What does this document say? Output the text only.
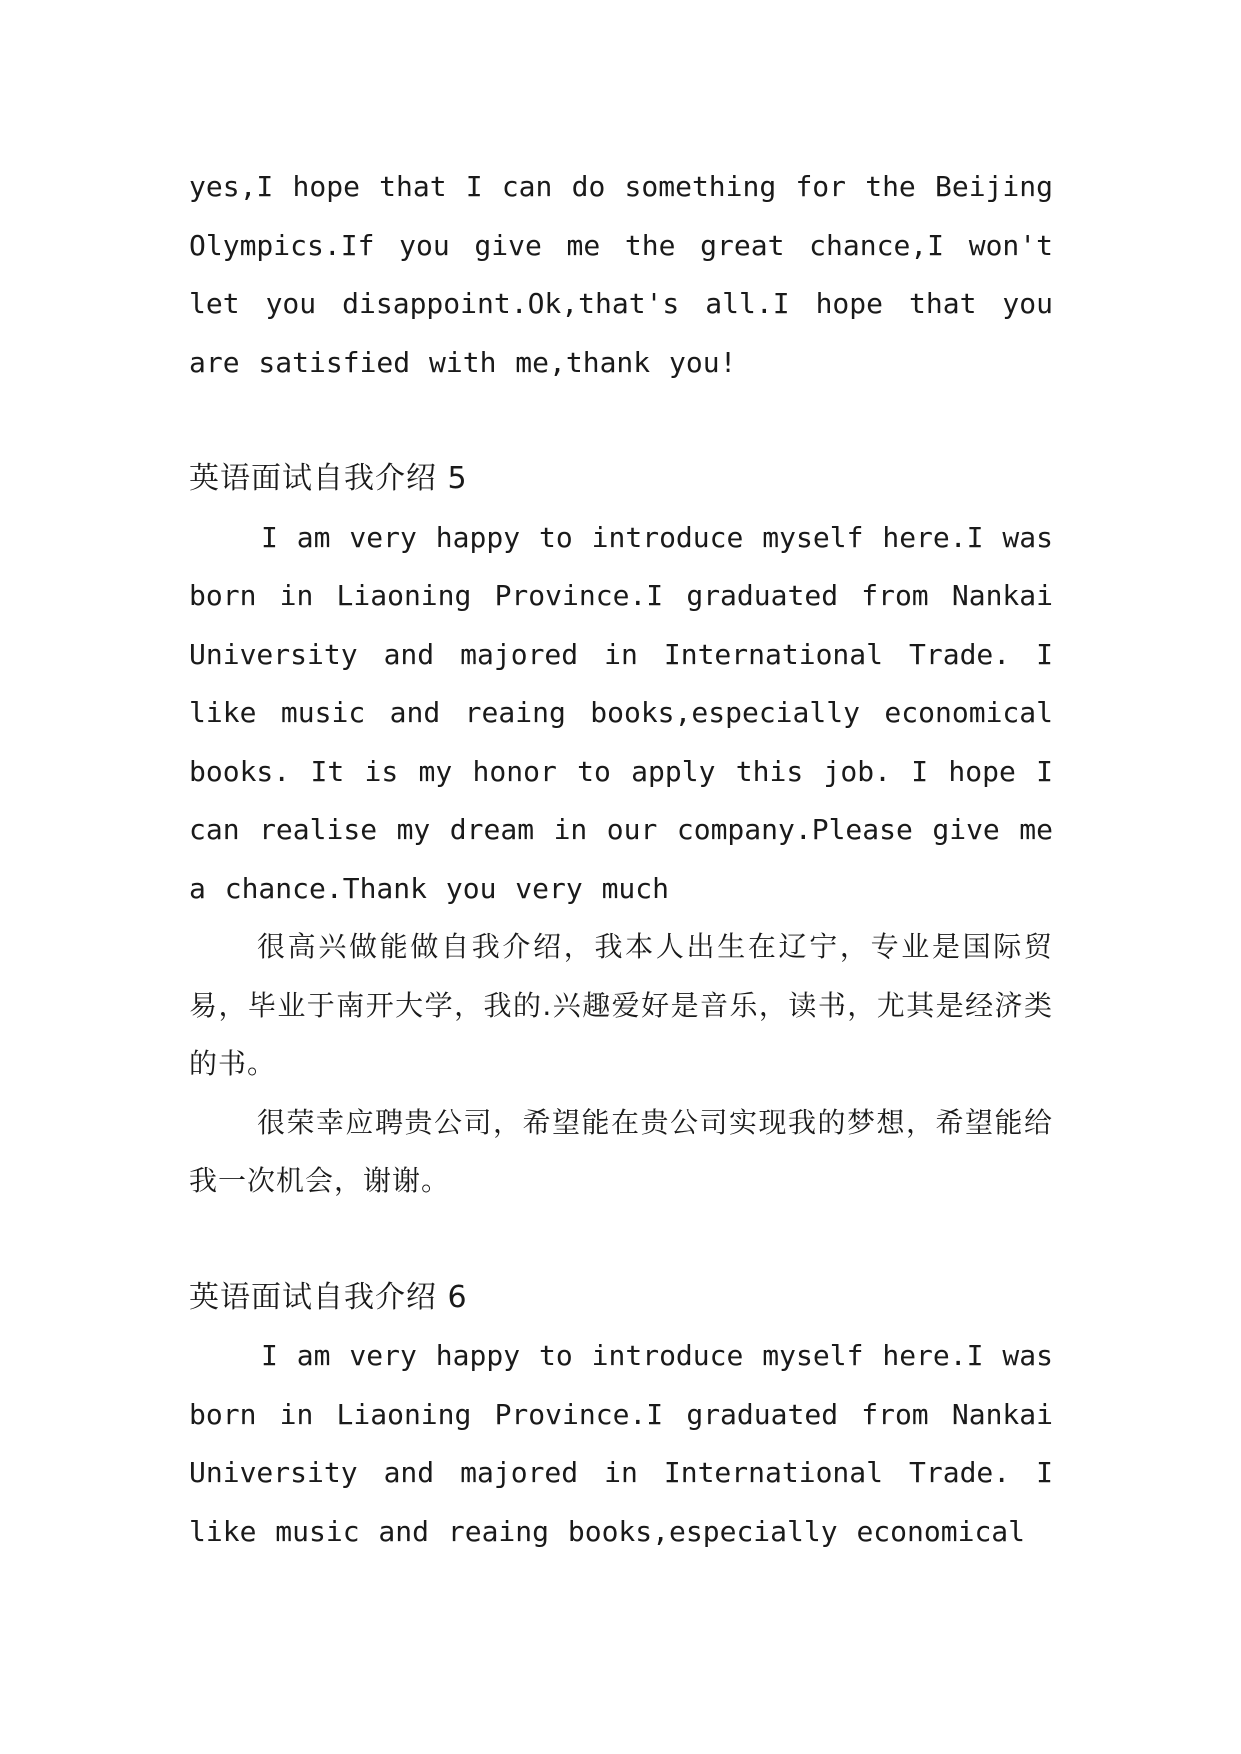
yes,I hope that I can do something for the Beijing Olympics.If you give me the great chance,I won't let you disappoint.Ok,that's all.I hope that you are satisfied with me,thank you!

英语面试自我介绍 5

I am very happy to introduce myself here.I was born in Liaoning Province.I graduated from Nankai University and majored in International Trade. I like music and reaing books,especially economical books. It is my honor to apply this job. I hope I can realise my dream in our company.Please give me a chance.Thank you very much

很高兴做能做自我介绍，我本人出生在辽宁，专业是国际贸易，毕业于南开大学，我的.兴趣爱好是音乐，读书，尤其是经济类的书。

很荣幸应聘贵公司，希望能在贵公司实现我的梦想，希望能给我一次机会，谢谢。

英语面试自我介绍 6

I am very happy to introduce myself here.I was born in Liaoning Province.I graduated from Nankai University and majored in International Trade. I like music and reaing books,especially economical
